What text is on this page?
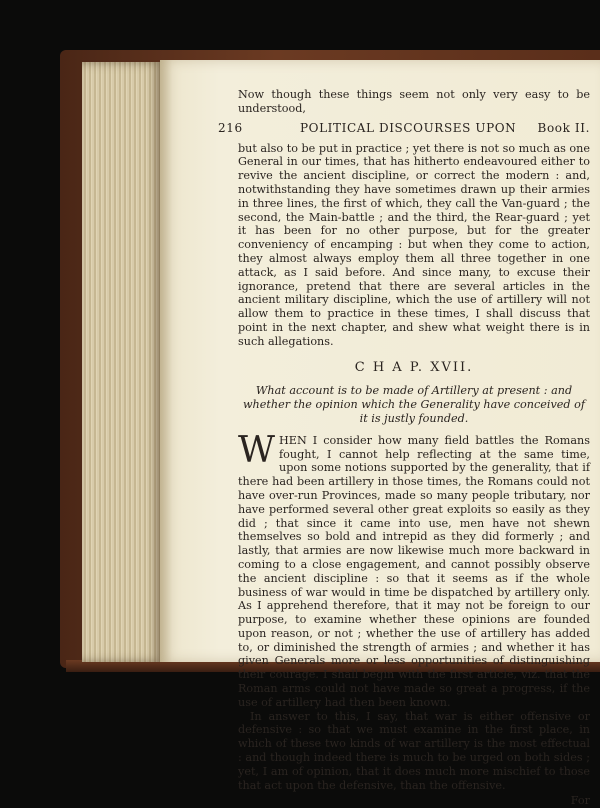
Now though these things seem not only very easy to be understood,

216	POLITICAL DISCOURSES UPON Book II.

but also to be put in practice ; yet there is not so much as one General in our times, that has hitherto endeavoured either to revive the ancient discipline, or correct the modern : and, notwithstanding they have sometimes drawn up their armies in three lines, the first of which, they call the Van-guard ; the second, the Main-battle ; and the third, the Rear-guard ; yet it has been for no other purpose, but for the greater conveniency of encamping : but when they come to action, they almost always employ them all three together in one attack, as I said before. And since many, to excuse their ignorance, pretend that there are several articles in the ancient military discipline, which the use of artillery will not allow them to practice in these times, I shall discuss that point in the next chapter, and shew what weight there is in such allegations.

C H A P. XVII.

What account is to be made of Artillery at present : and whether the opinion which the Generality have conceived of it is justly founded.

W HEN I consider how many field battles the Romans fought, I cannot help reflecting at the same time, upon some notions supported by the generality, that if there had been artillery in those times, the Romans could not have over-run Provinces, made so many people tributary, nor have performed several other great exploits so easily as they did ; that since it came into use, men have not shewn themselves so bold and intrepid as they did formerly ; and lastly, that armies are now likewise much more backward in coming to a close engagement, and cannot possibly observe the ancient discipline : so that it seems as if the whole business of war would in time be dispatched by artillery only. As I apprehend therefore, that it may not be foreign to our purpose, to examine whether these opinions are founded upon reason, or not ; whether the use of artillery has added to, or diminished the strength of armies ; and whether it has given Generals more or less opportunities of distinguishing their courage. I shall begin with the first article, viz. that the Roman arms could not have made so great a progress, if the use of artillery had then been known.

In answer to this, I say, that war is either offensive or defensive : so that we must examine in the first place, in which of these two kinds of war artillery is the most effectual : and though indeed there is much to be urged on both sides ; yet, I am of opinion, that it does much more mischief to those that act upon the defensive, than the offensive.

For
